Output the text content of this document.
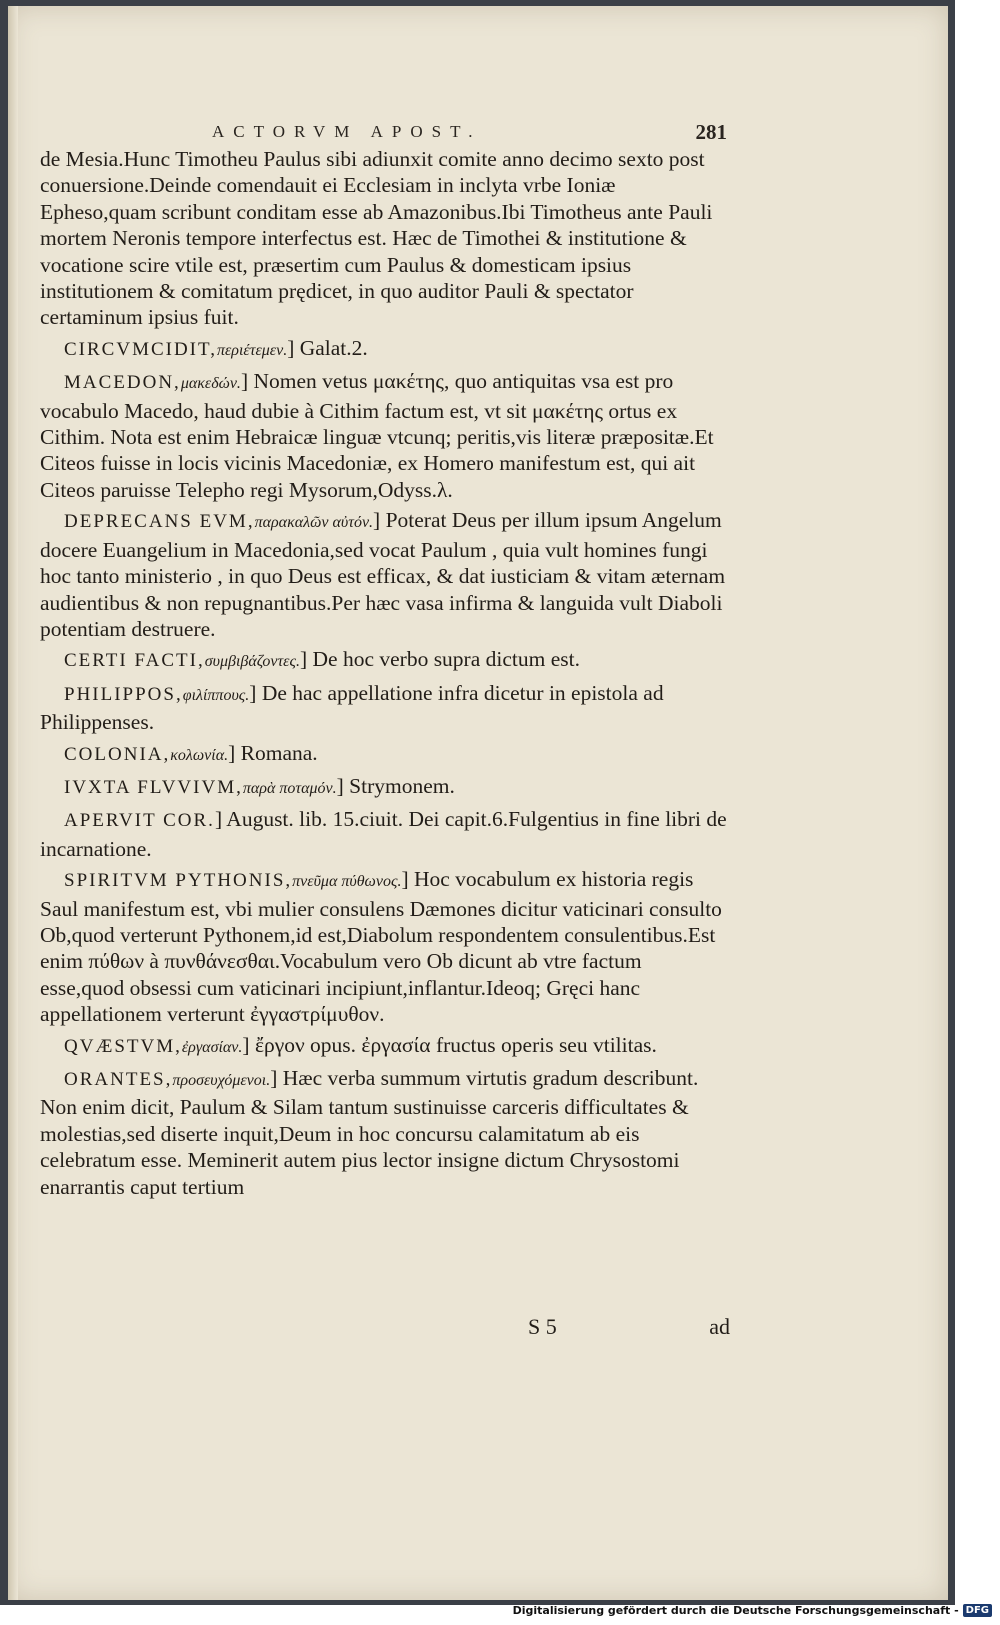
ACTORVM APOST.	281

de Mesia.Hunc Timotheu Paulus sibi adiunxit comite anno decimo sexto post conuersione.Deinde comendauit ei Ecclesiam in inclyta vrbe Ioniæ Epheso,quam scribunt conditam esse ab Amazonibus.Ibi Timotheus ante Pauli mortem Neronis tempore interfectus est. Hæc de Timothei & institutione & vocatione scire vtile est, præsertim cum Paulus & domesticam ipsius institutionem & comitatum prędicet, in quo auditor Pauli & spectator certaminum ipsius fuit.

CIRCVMCIDIT,περιέτεμεν.] Galat.2.

MACEDON,μακεδών.] Nomen vetus μακέτης, quo antiquitas vsa est pro vocabulo Macedo, haud dubie à Cithim factum est, vt sit μακέτης ortus ex Cithim. Nota est enim Hebraicæ linguæ vtcunq; peritis,vis literæ præpositæ.Et Citeos fuisse in locis vicinis Macedoniæ, ex Homero manifestum est, qui ait Citeos paruisse Telepho regi Mysorum,Odyss.λ.

DEPRECANS EVM,παρακαλῶν αὐτόν.] Poterat Deus per illum ipsum Angelum docere Euangelium in Macedonia,sed vocat Paulum , quia vult homines fungi hoc tanto ministerio , in quo Deus est efficax, & dat iusticiam & vitam æternam audientibus & non repugnantibus.Per hæc vasa infirma & languida vult Diaboli potentiam destruere.

CERTI FACTI,συμβιβάζοντες.] De hoc verbo supra dictum est.

PHILIPPOS,φιλίππους.] De hac appellatione infra dicetur in epistola ad Philippenses.

COLONIA,κολωνία.] Romana.

IVXTA FLVVIVM,παρὰ ποταμόν.] Strymonem.

APERVIT COR.] August. lib. 15.ciuit. Dei capit.6.Fulgentius in fine libri de incarnatione.

SPIRITVM PYTHONIS,πνεῦμα πύθωνος.] Hoc vocabulum ex historia regis Saul manifestum est, vbi mulier consulens Dæmones dicitur vaticinari consulto Ob,quod verterunt Pythonem,id est,Diabolum respondentem consulentibus.Est enim πύθων à πυνθάνεσθαι.Vocabulum vero Ob dicunt ab vtre factum esse,quod obsessi cum vaticinari incipiunt,inflantur.Ideoq; Gręci hanc appellationem verterunt ἐγγαστρίμυθον.

QVÆSTVM,ἐργασίαν.] ἔργον opus. ἐργασία fructus operis seu vtilitas.

ORANTES,προσευχόμενοι.] Hæc verba summum virtutis gradum describunt. Non enim dicit, Paulum & Silam tantum sustinuisse carceris difficultates & molestias,sed diserte inquit,Deum in hoc concursu calamitatum ab eis celebratum esse. Meminerit autem pius lector insigne dictum Chrysostomi enarrantis caput tertium

S 5	ad
Digitalisierung gefördert durch die Deutsche Forschungsgemeinschaft - DFG
